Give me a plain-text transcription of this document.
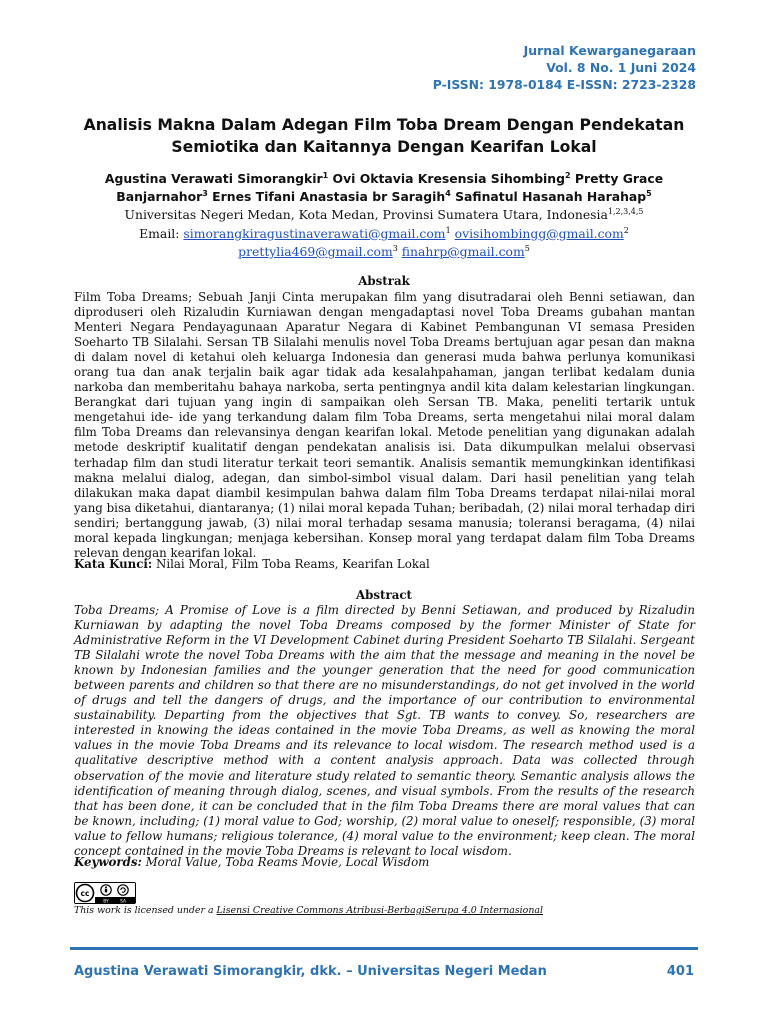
Jurnal Kewarganegaraan
Vol. 8 No. 1 Juni 2024
P-ISSN: 1978-0184 E-ISSN: 2723-2328
Analisis Makna Dalam Adegan Film Toba Dream Dengan Pendekatan Semiotika dan Kaitannya Dengan Kearifan Lokal
Agustina Verawati Simorangkir$^1$ Ovi Oktavia Kresensia Sihombing$^2$ Pretty Grace Banjarnahor$^3$ Ernes Tifani Anastasia br Saragih$^4$ Safinatul Hasanah Harahap$^5$
Universitas Negeri Medan, Kota Medan, Provinsi Sumatera Utara, Indonesia$^{1,2,3,4,5}$
Email: simorangkiragustinaverawati@gmail.com$^1$ ovisihombingg@gmail.com$^2$
prettylia469@gmail.com$^3$ finahrp@gmail.com$^5$
Abstrak

Film Toba Dreams; Sebuah Janji Cinta merupakan film yang disutradarai oleh Benni setiawan, dan diproduseri oleh Rizaludin Kurniawan dengan mengadaptasi novel Toba Dreams gubahan mantan Menteri Negara Pendayagunaan Aparatur Negara di Kabinet Pembangunan VI semasa Presiden Soeharto TB Silalahi. Sersan TB Silalahi menulis novel Toba Dreams bertujuan agar pesan dan makna di dalam novel di ketahui oleh keluarga Indonesia dan generasi muda bahwa perlunya komunikasi orang tua dan anak terjalin baik agar tidak ada kesalahpahaman, jangan terlibat kedalam dunia narkoba dan memberitahu bahaya narkoba, serta pentingnya andil kita dalam kelestarian lingkungan. Berangkat dari tujuan yang ingin di sampaikan oleh Sersan TB. Maka, peneliti tertarik untuk mengetahui ide- ide yang terkandung dalam film Toba Dreams, serta mengetahui nilai moral dalam film Toba Dreams dan relevansinya dengan kearifan lokal. Metode penelitian yang digunakan adalah metode deskriptif kualitatif dengan pendekatan analisis isi. Data dikumpulkan melalui observasi terhadap film dan studi literatur terkait teori semantik. Analisis semantik memungkinkan identifikasi makna melalui dialog, adegan, dan simbol-simbol visual dalam. Dari hasil penelitian yang telah dilakukan maka dapat diambil kesimpulan bahwa dalam film Toba Dreams terdapat nilai-nilai moral yang bisa diketahui, diantaranya; (1) nilai moral kepada Tuhan; beribadah, (2) nilai moral terhadap diri sendiri; bertanggung jawab, (3) nilai moral terhadap sesama manusia; toleransi beragama, (4) nilai moral kepada lingkungan; menjaga kebersihan. Konsep moral yang terdapat dalam film Toba Dreams relevan dengan kearifan lokal.

Kata Kunci: Nilai Moral, Film Toba Reams, Kearifan Lokal
Abstract

Toba Dreams; A Promise of Love is a film directed by Benni Setiawan, and produced by Rizaludin Kurniawan by adapting the novel Toba Dreams composed by the former Minister of State for Administrative Reform in the VI Development Cabinet during President Soeharto TB Silalahi. Sergeant TB Silalahi wrote the novel Toba Dreams with the aim that the message and meaning in the novel be known by Indonesian families and the younger generation that the need for good communication between parents and children so that there are no misunderstandings, do not get involved in the world of drugs and tell the dangers of drugs, and the importance of our contribution to environmental sustainability. Departing from the objectives that Sgt. TB wants to convey. So, researchers are interested in knowing the ideas contained in the movie Toba Dreams, as well as knowing the moral values in the movie Toba Dreams and its relevance to local wisdom. The research method used is a qualitative descriptive method with a content analysis approach. Data was collected through observation of the movie and literature study related to semantic theory. Semantic analysis allows the identification of meaning through dialog, scenes, and visual symbols. From the results of the research that has been done, it can be concluded that in the film Toba Dreams there are moral values that can be known, including; (1) moral value to God; worship, (2) moral value to oneself; responsible, (3) moral value to fellow humans; religious tolerance, (4) moral value to the environment; keep clean. The moral concept contained in the movie Toba Dreams is relevant to local wisdom.

Keywords: Moral Value, Toba Reams Movie, Local Wisdom
cc
BY SA
This work is licensed under a Lisensi Creative Commons Atribusi-BerbagiSerupa 4.0 Internasional
Agustina Verawati Simorangkir, dkk. – Universitas Negeri Medan	401
